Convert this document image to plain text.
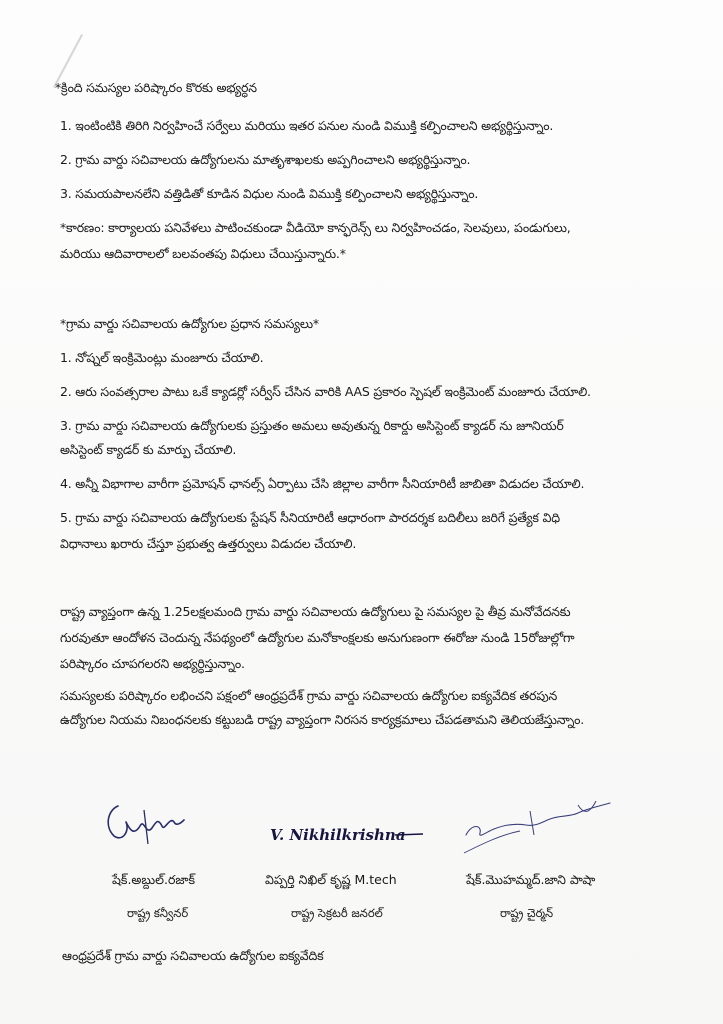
*క్రింది సమస్యల పరిష్కారం కొరకు అభ్యర్ధన
1. ఇంటింటికి తిరిగి నిర్వహించే సర్వేలు మరియు ఇతర పనుల నుండి విముక్తి కల్పించాలని అభ్యర్థిస్తున్నాం.
2. గ్రామ వార్డు సచివాలయ ఉద్యోగులను మాతృశాఖలకు అప్పగించాలని అభ్యర్థిస్తున్నాం.
3. సమయపాలనలేని వత్తిడితో కూడిన విధుల నుండి విముక్తి కల్పించాలని అభ్యర్థిస్తున్నాం.
*కారణం: కార్యాలయ పనివేళలు పాటించకుండా వీడియో కాన్ఫరెన్స్ లు నిర్వహించడం, సెలవులు, పండుగులు,
మరియు ఆదివారాలలో బలవంతపు విధులు చేయిస్తున్నారు.*
*గ్రామ వార్డు సచివాలయ ఉద్యోగుల ప్రధాన సమస్యలు*
1. నోష్నల్ ఇంక్రిమెంట్లు మంజూరు చేయాలి.
2. ఆరు సంవత్సరాల పాటు ఒకే క్యాడర్లో సర్వీస్ చేసిన వారికి AAS ప్రకారం స్పెషల్ ఇంక్రిమెంట్ మంజూరు చేయాలి.
3. గ్రామ వార్డు సచివాలయ ఉద్యోగులకు ప్రస్తుతం అమలు అవుతున్న రికార్డు అసిస్టెంట్ క్యాడర్ ను జూనియర్
అసిస్టెంట్ క్యాడర్ కు మార్పు చేయాలి.
4. అన్నీ విభాగాల వారీగా ప్రమోషన్ ఛానల్స్ ఏర్పాటు చేసి జిల్లాల వారీగా సీనియారిటీ జాబితా విడుదల చేయాలి.
5. గ్రామ వార్డు సచివాలయ ఉద్యోగులకు స్టేషన్ సీనియారిటీ ఆధారంగా పారదర్శక బదిలీలు జరిగే ప్రత్యేక విధి
విధానాలు ఖరారు చేస్తూ ప్రభుత్వ ఉత్తర్వులు విడుదల చేయాలి.
రాష్ట్ర వ్యాప్తంగా ఉన్న 1.25లక్షలమంది గ్రామ వార్డు సచివాలయ ఉద్యోగులు పై సమస్యల పై తీవ్ర మనోవేదనకు
గురవుతూ ఆందోళన చెందున్న నేపథ్యంలో ఉద్యోగుల మనోకాంక్షలకు అనుగుణంగా ఈరోజు నుండి 15రోజుల్లోగా
పరిష్కారం చూపగలరని అభ్యర్ధిస్తున్నాం.
సమస్యలకు పరిష్కారం లభించని పక్షంలో ఆంధ్రప్రదేశ్ గ్రామ వార్డు సచివాలయ ఉద్యోగుల ఐక్యవేదిక తరపున
ఉద్యోగుల నియమ నిబంధనలకు కట్టుబడి రాష్ట్ర వ్యాప్తంగా నిరసన కార్యక్రమాలు చేపడతామని తెలియజేస్తున్నాం.
V. Nikhilkrishna
షేక్.అబ్దుల్.రజాక్
రాష్ట్ర కన్వీనర్
విప్పర్తి నిఖిల్ కృష్ణ M.tech
రాష్ట్ర సెక్రటరీ జనరల్
షేక్.మొహమ్మద్.జాని పాషా
రాష్ట్ర చైర్మన్
ఆంధ్రప్రదేశ్ గ్రామ వార్డు సచివాలయ ఉద్యోగుల ఐక్యవేదిక
